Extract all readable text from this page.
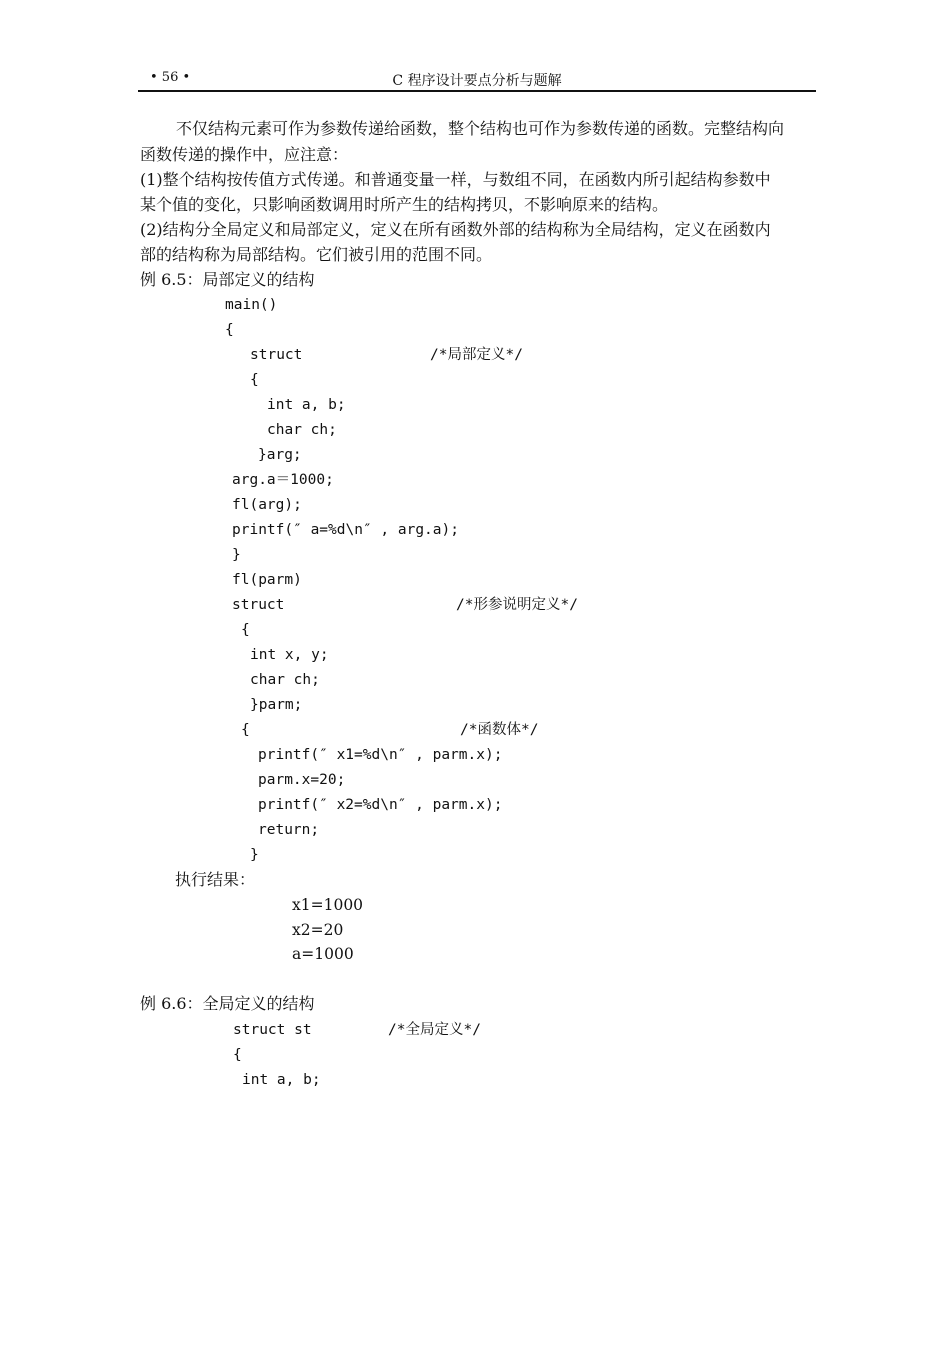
• 56 •	C 程序设计要点分析与题解
不仅结构元素可作为参数传递给函数，整个结构也可作为参数传递的函数。完整结构向
函数传递的操作中，应注意：
(1)整个结构按传值方式传递。和普通变量一样，与数组不同，在函数内所引起结构参数中
某个值的变化，只影响函数调用时所产生的结构拷贝，不影响原来的结构。
(2)结构分全局定义和局部定义，定义在所有函数外部的结构称为全局结构，定义在函数内
部的结构称为局部结构。它们被引用的范围不同。
例 6.5：局部定义的结构
main()
{
struct	/*局部定义*/
{
int a, b;
char ch;
}arg;
arg.a＝1000;
fl(arg);
printf(″ a=%d\n″ , arg.a);
}
fl(parm)
struct	/*形参说明定义*/
{
int x, y;
char ch;
}parm;
{	/*函数体*/
printf(″ x1=%d\n″ , parm.x);
parm.x=20;
printf(″ x2=%d\n″ , parm.x);
return;
}
执行结果：
x1=1000
x2=20
a=1000
例 6.6：全局定义的结构
struct st	/*全局定义*/
{
int a, b;
